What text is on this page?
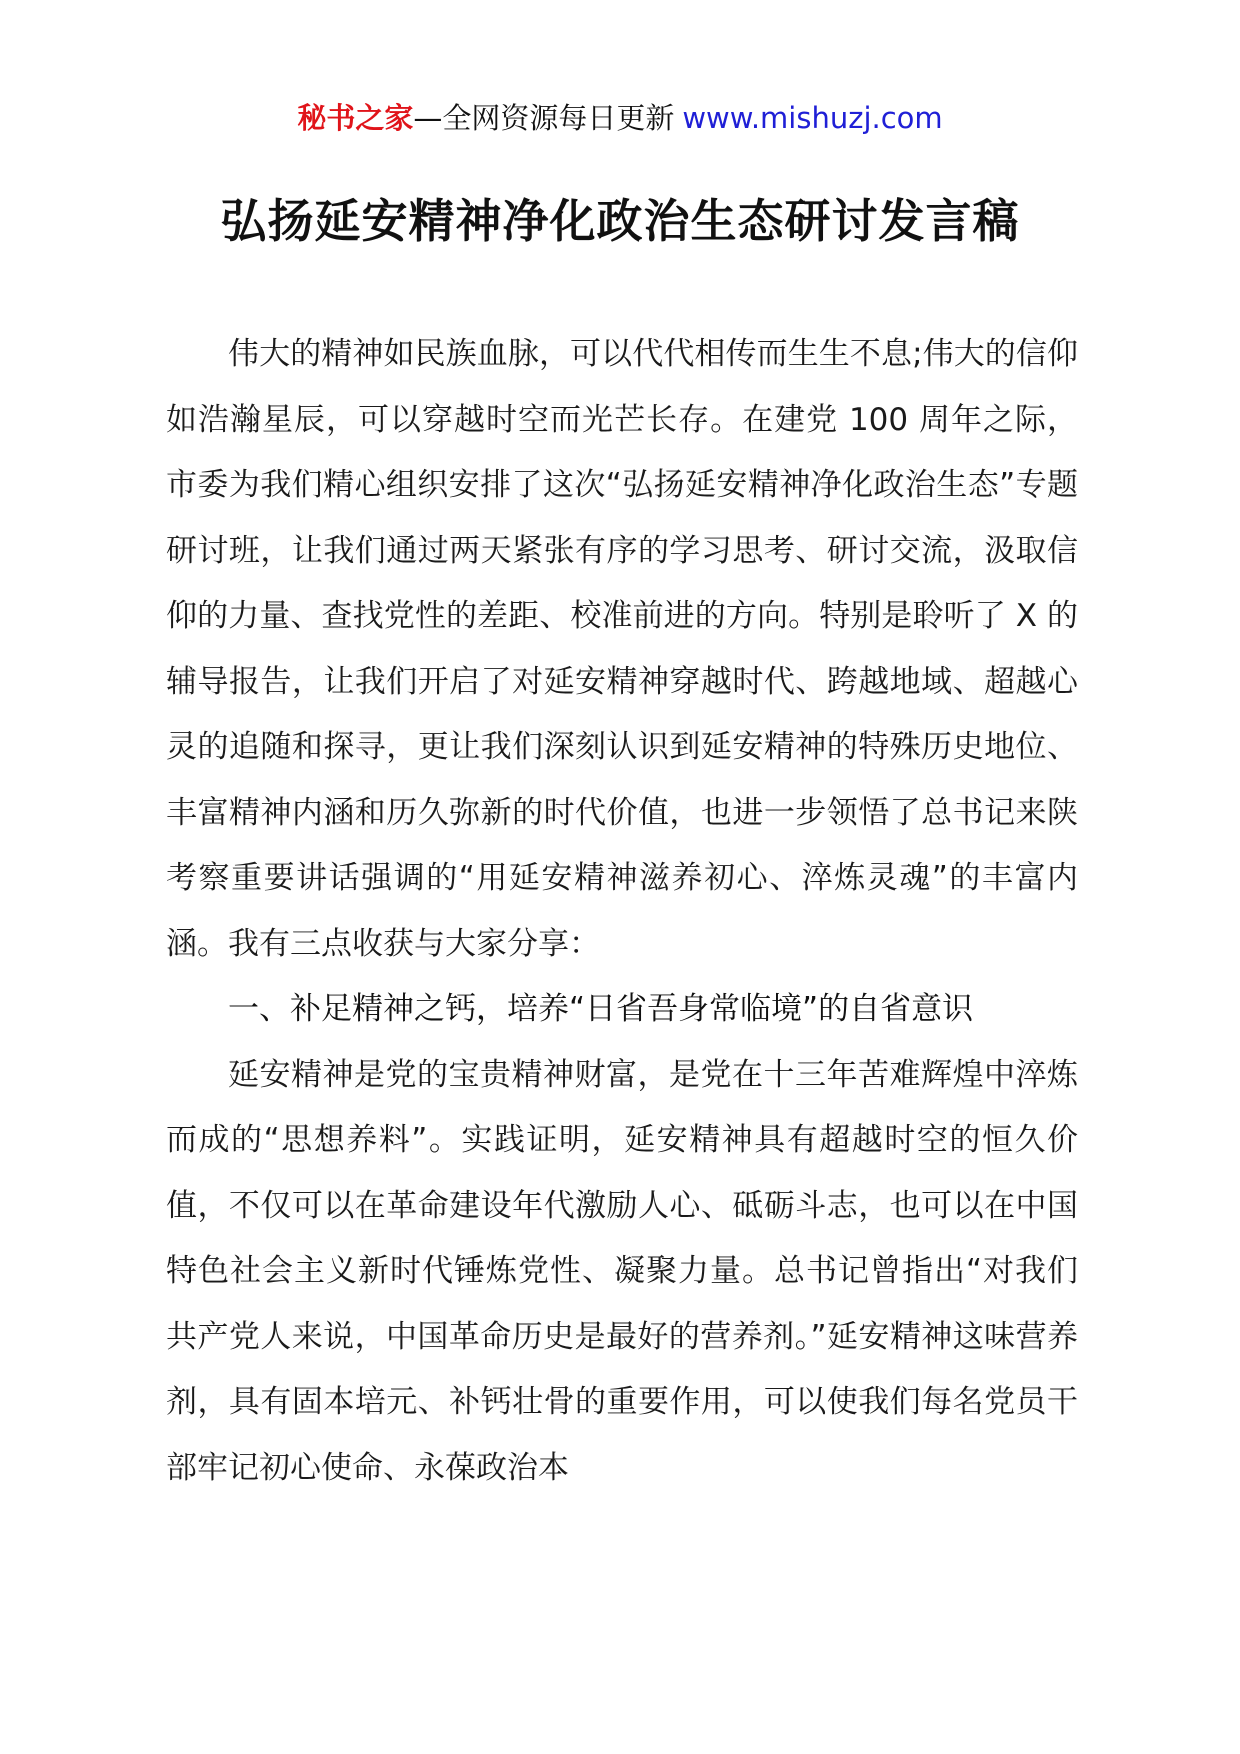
秘书之家—全网资源每日更新 www.mishuzj.com
弘扬延安精神净化政治生态研讨发言稿

伟大的精神如民族血脉，可以代代相传而生生不息;伟大的信仰如浩瀚星辰，可以穿越时空而光芒长存。在建党 100 周年之际，市委为我们精心组织安排了这次“弘扬延安精神净化政治生态”专题研讨班，让我们通过两天紧张有序的学习思考、研讨交流，汲取信仰的力量、查找党性的差距、校准前进的方向。特别是聆听了 X 的辅导报告，让我们开启了对延安精神穿越时代、跨越地域、超越心灵的追随和探寻，更让我们深刻认识到延安精神的特殊历史地位、丰富精神内涵和历久弥新的时代价值，也进一步领悟了总书记来陕考察重要讲话强调的“用延安精神滋养初心、淬炼灵魂”的丰富内涵。我有三点收获与大家分享：

一、补足精神之钙，培养“日省吾身常临境”的自省意识

延安精神是党的宝贵精神财富，是党在十三年苦难辉煌中淬炼而成的“思想养料”。实践证明，延安精神具有超越时空的恒久价值，不仅可以在革命建设年代激励人心、砥砺斗志，也可以在中国特色社会主义新时代锤炼党性、凝聚力量。总书记曾指出“对我们共产党人来说，中国革命历史是最好的营养剂。”延安精神这味营养剂，具有固本培元、补钙壮骨的重要作用，可以使我们每名党员干部牢记初心使命、永葆政治本
